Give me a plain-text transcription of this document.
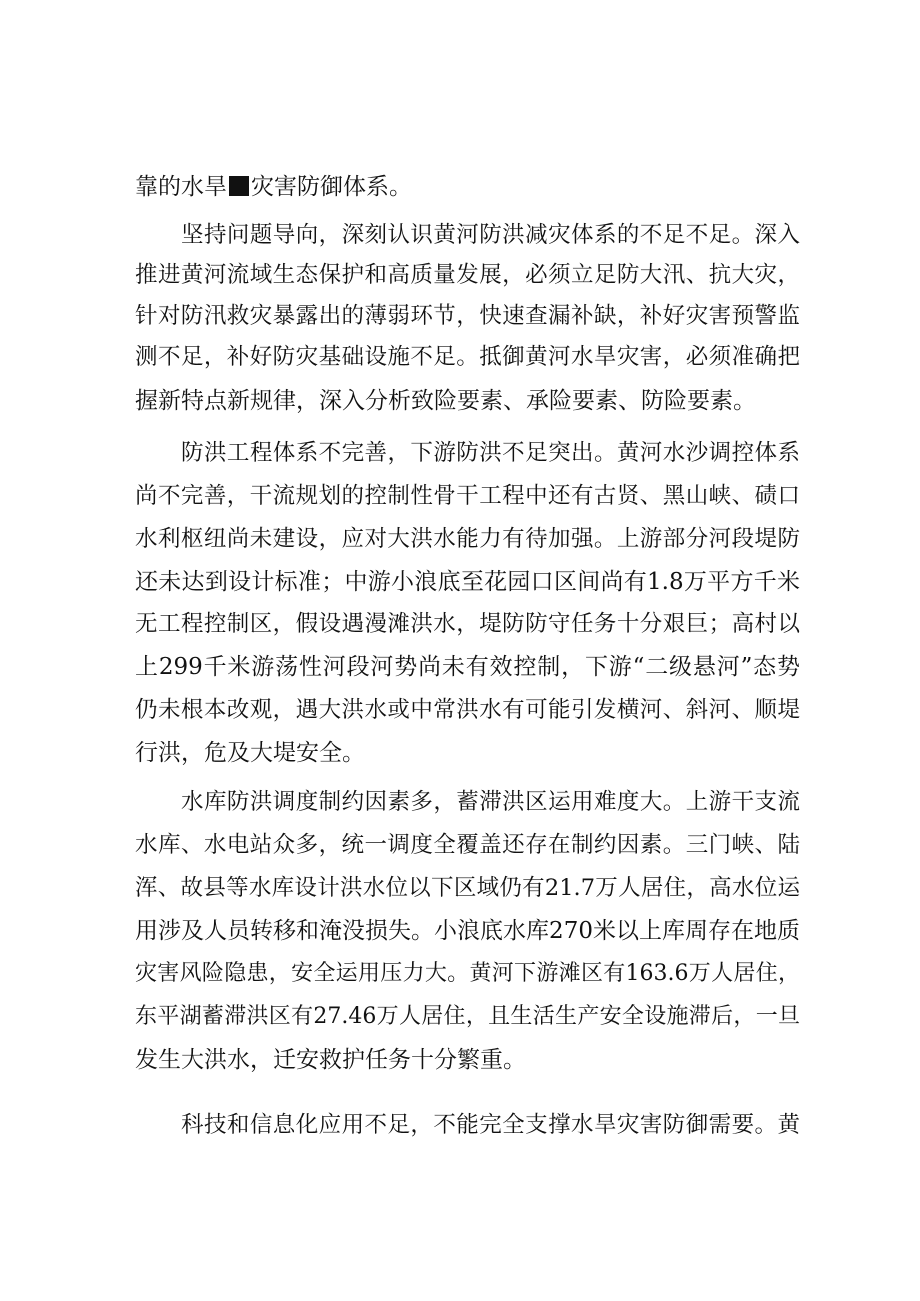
靠的水旱 灾害防御体系。
坚持问题导向，深刻认识黄河防洪减灾体系的不足不足。深入
推进黄河流域生态保护和高质量发展，必须立足防大汛、抗大灾，
针对防汛救灾暴露出的薄弱环节，快速查漏补缺，补好灾害预警监
测不足，补好防灾基础设施不足。抵御黄河水旱灾害，必须准确把
握新特点新规律，深入分析致险要素、承险要素、防险要素。
防洪工程体系不完善，下游防洪不足突出。黄河水沙调控体系
尚不完善，干流规划的控制性骨干工程中还有古贤、黑山峡、碛口
水利枢纽尚未建设，应对大洪水能力有待加强。上游部分河段堤防
还未达到设计标准；中游小浪底至花园口区间尚有1.8万平方千米
无工程控制区，假设遇漫滩洪水，堤防防守任务十分艰巨；高村以
上299千米游荡性河段河势尚未有效控制，下游“二级悬河”态势
仍未根本改观，遇大洪水或中常洪水有可能引发横河、斜河、顺堤
行洪，危及大堤安全。
水库防洪调度制约因素多，蓄滞洪区运用难度大。上游干支流
水库、水电站众多，统一调度全覆盖还存在制约因素。三门峡、陆
浑、故县等水库设计洪水位以下区域仍有21.7万人居住，高水位运
用涉及人员转移和淹没损失。小浪底水库270米以上库周存在地质
灾害风险隐患，安全运用压力大。黄河下游滩区有163.6万人居住，
东平湖蓄滞洪区有27.46万人居住，且生活生产安全设施滞后，一旦
发生大洪水，迁安救护任务十分繁重。
科技和信息化应用不足，不能完全支撑水旱灾害防御需要。黄
